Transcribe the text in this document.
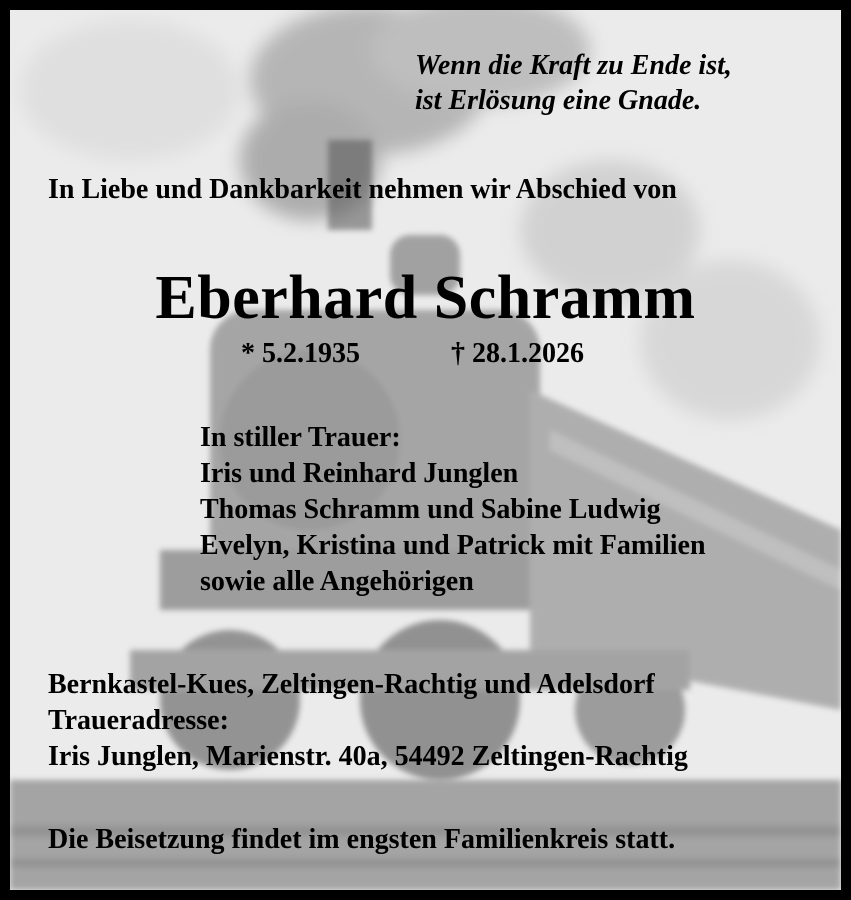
Wenn die Kraft zu Ende ist,
ist Erlösung eine Gnade.
In Liebe und Dankbarkeit nehmen wir Abschied von
Eberhard Schramm
* 5.2.1935	† 28.1.2026
In stiller Trauer:
Iris und Reinhard Junglen
Thomas Schramm und Sabine Ludwig
Evelyn, Kristina und Patrick mit Familien
sowie alle Angehörigen
Bernkastel-Kues, Zeltingen-Rachtig und Adelsdorf
Traueradresse:
Iris Junglen, Marienstr. 40a, 54492 Zeltingen-Rachtig
Die Beisetzung findet im engsten Familienkreis statt.
